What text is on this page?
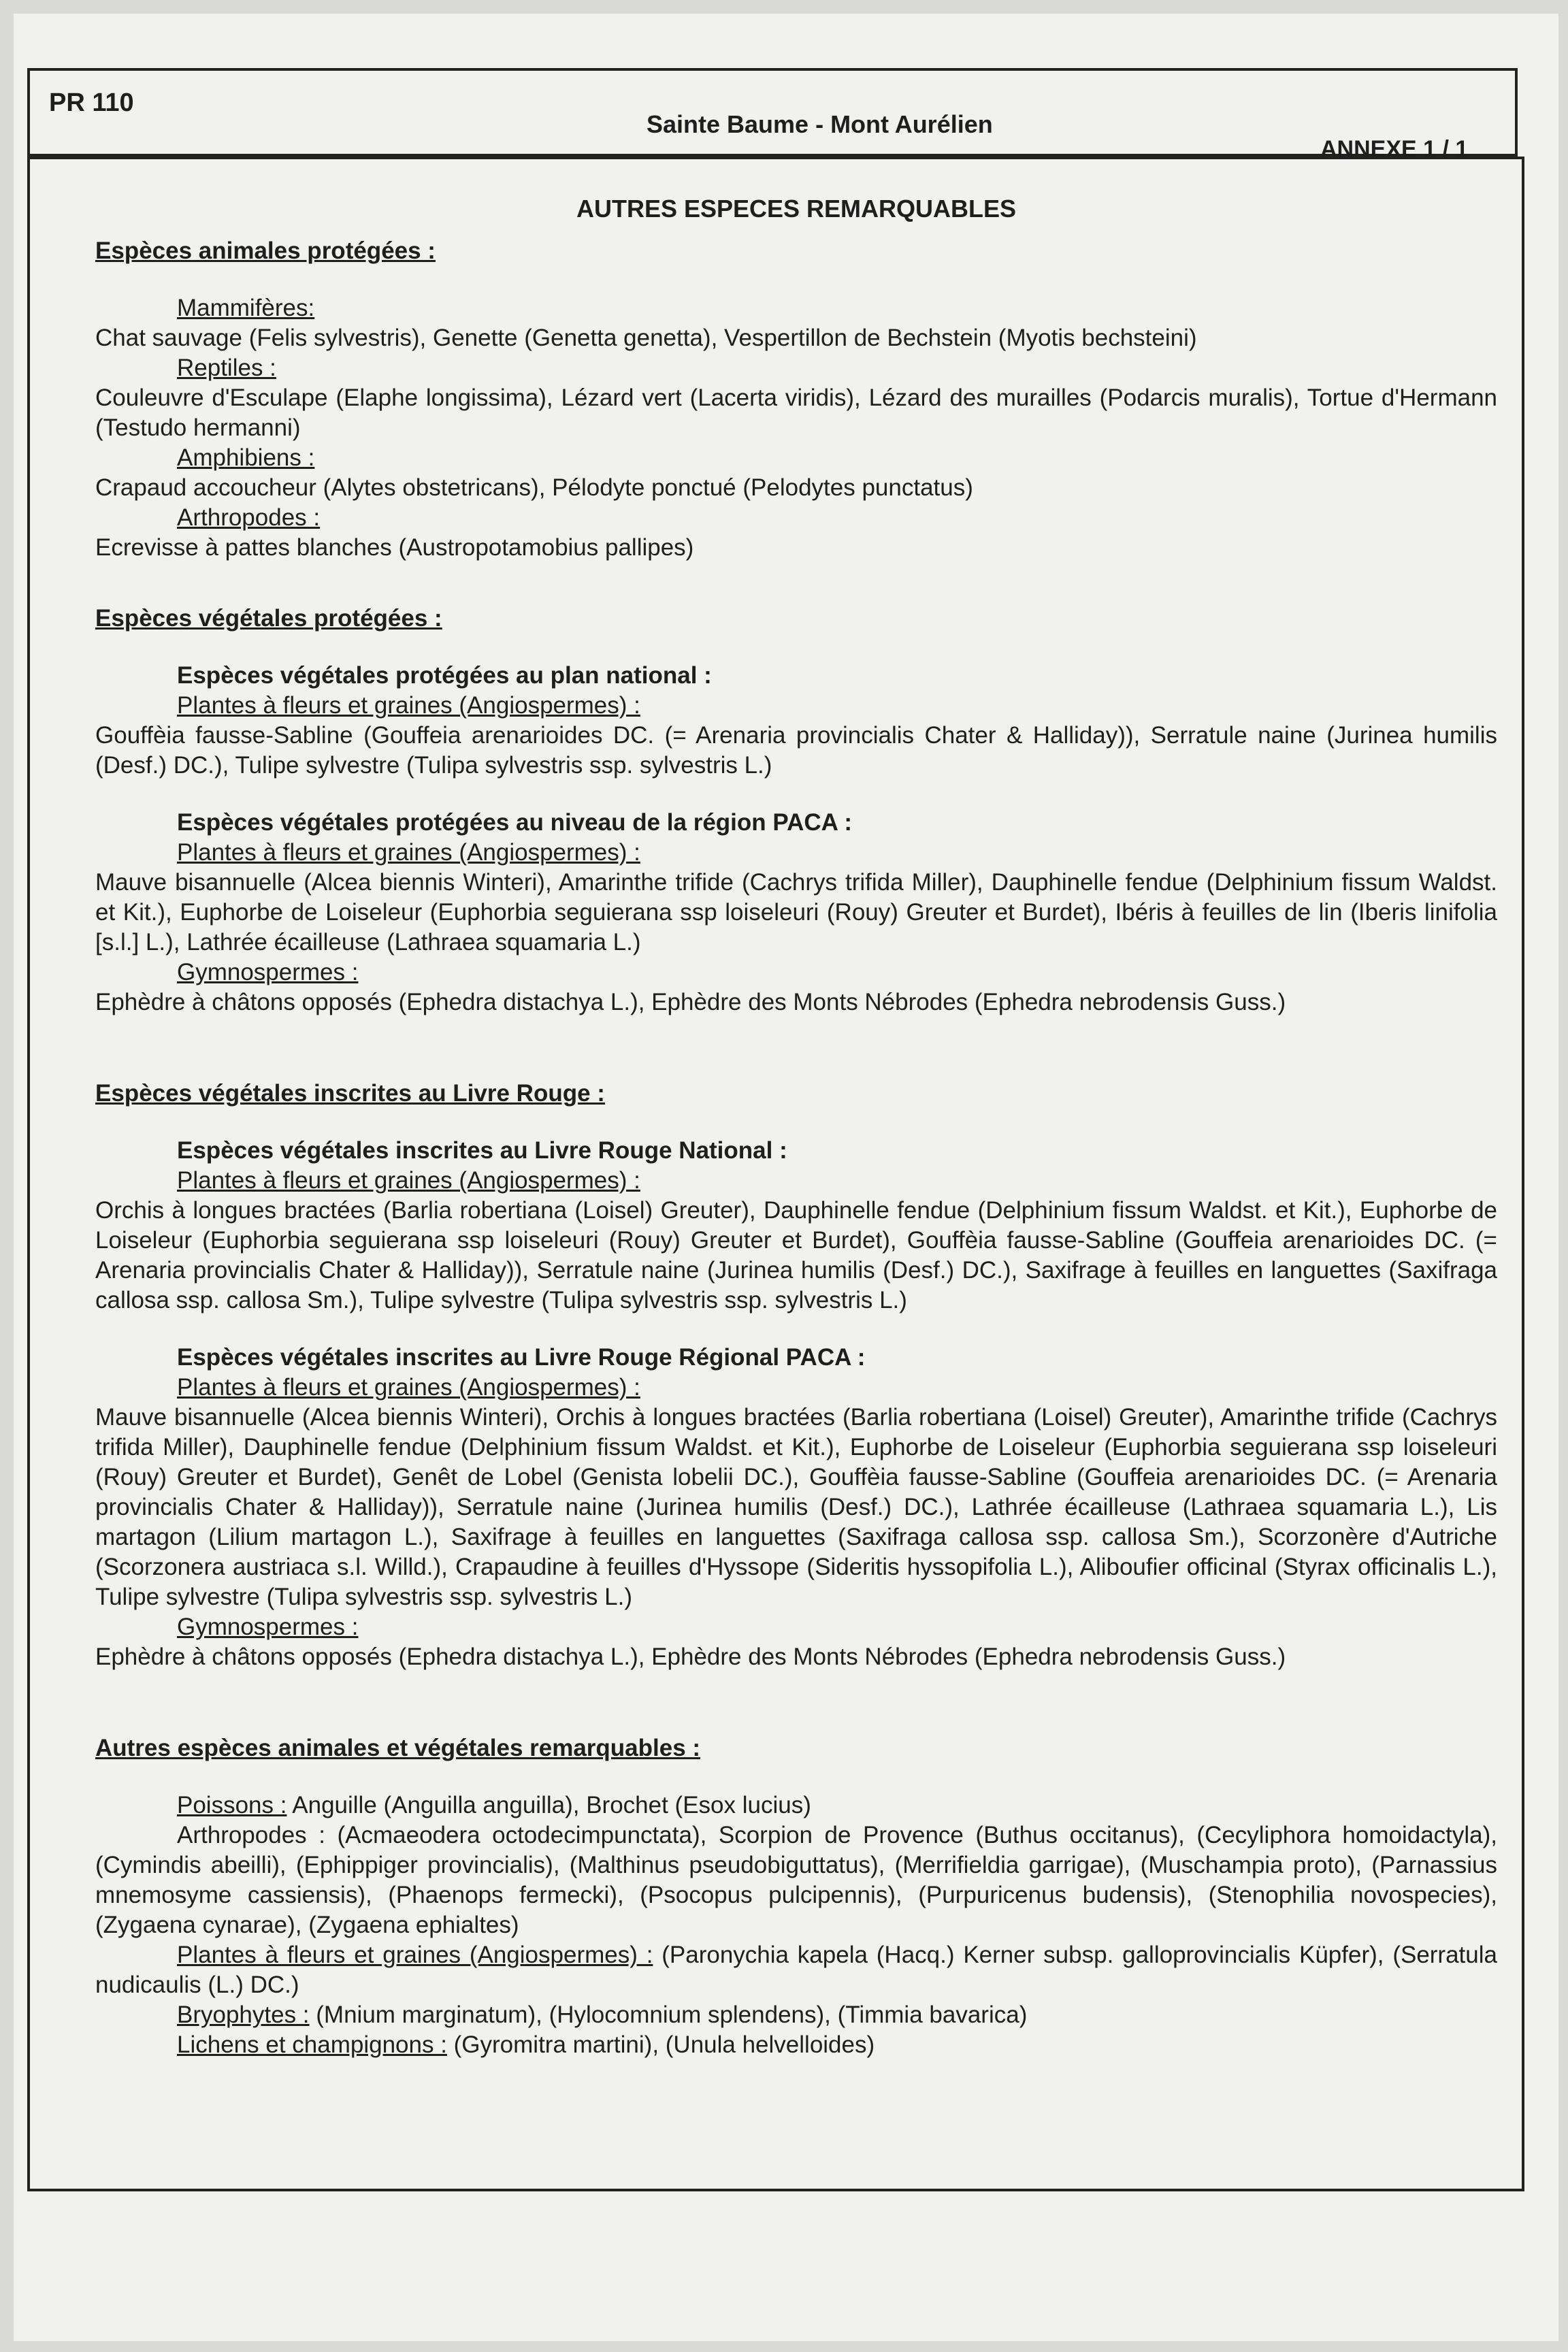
PR 110
Sainte Baume - Mont Aurélien
ANNEXE 1 / 1

AUTRES ESPECES REMARQUABLES

Espèces animales protégées :

Mammifères:

Chat sauvage (Felis sylvestris), Genette (Genetta genetta), Vespertillon de Bechstein (Myotis bechsteini)

Reptiles :

Couleuvre d'Esculape (Elaphe longissima), Lézard vert (Lacerta viridis), Lézard des murailles (Podarcis muralis), Tortue d'Hermann (Testudo hermanni)

Amphibiens :

Crapaud accoucheur (Alytes obstetricans), Pélodyte ponctué (Pelodytes punctatus)

Arthropodes :

Ecrevisse à pattes blanches (Austropotamobius pallipes)

Espèces végétales protégées :

Espèces végétales protégées au plan national :

Plantes à fleurs et graines (Angiospermes) :

Gouffèia fausse-Sabline (Gouffeia arenarioides DC. (= Arenaria provincialis Chater & Halliday)), Serratule naine (Jurinea humilis (Desf.) DC.), Tulipe sylvestre (Tulipa sylvestris ssp. sylvestris L.)

Espèces végétales protégées au niveau de la région PACA :

Plantes à fleurs et graines (Angiospermes) :

Mauve bisannuelle (Alcea biennis Winteri), Amarinthe trifide (Cachrys trifida Miller), Dauphinelle fendue (Delphinium fissum Waldst. et Kit.), Euphorbe de Loiseleur (Euphorbia seguierana ssp loiseleuri (Rouy) Greuter et Burdet), Ibéris à feuilles de lin (Iberis linifolia [s.l.] L.), Lathrée écailleuse (Lathraea squamaria L.)

Gymnospermes :

Ephèdre à châtons opposés (Ephedra distachya L.), Ephèdre des Monts Nébrodes (Ephedra nebrodensis Guss.)

Espèces végétales inscrites au Livre Rouge :

Espèces végétales inscrites au Livre Rouge National :

Plantes à fleurs et graines (Angiospermes) :

Orchis à longues bractées (Barlia robertiana (Loisel) Greuter), Dauphinelle fendue (Delphinium fissum Waldst. et Kit.), Euphorbe de Loiseleur (Euphorbia seguierana ssp loiseleuri (Rouy) Greuter et Burdet), Gouffèia fausse-Sabline (Gouffeia arenarioides DC. (= Arenaria provincialis Chater & Halliday)), Serratule naine (Jurinea humilis (Desf.) DC.), Saxifrage à feuilles en languettes (Saxifraga callosa ssp. callosa Sm.), Tulipe sylvestre (Tulipa sylvestris ssp. sylvestris L.)

Espèces végétales inscrites au Livre Rouge Régional PACA :

Plantes à fleurs et graines (Angiospermes) :

Mauve bisannuelle (Alcea biennis Winteri), Orchis à longues bractées (Barlia robertiana (Loisel) Greuter), Amarinthe trifide (Cachrys trifida Miller), Dauphinelle fendue (Delphinium fissum Waldst. et Kit.), Euphorbe de Loiseleur (Euphorbia seguierana ssp loiseleuri (Rouy) Greuter et Burdet), Genêt de Lobel (Genista lobelii DC.), Gouffèia fausse-Sabline (Gouffeia arenarioides DC. (= Arenaria provincialis Chater & Halliday)), Serratule naine (Jurinea humilis (Desf.) DC.), Lathrée écailleuse (Lathraea squamaria L.), Lis martagon (Lilium martagon L.), Saxifrage à feuilles en languettes (Saxifraga callosa ssp. callosa Sm.), Scorzonère d'Autriche (Scorzonera austriaca s.l. Willd.), Crapaudine à feuilles d'Hyssope (Sideritis hyssopifolia L.), Aliboufier officinal (Styrax officinalis L.), Tulipe sylvestre (Tulipa sylvestris ssp. sylvestris L.)

Gymnospermes :

Ephèdre à châtons opposés (Ephedra distachya L.), Ephèdre des Monts Nébrodes (Ephedra nebrodensis Guss.)

Autres espèces animales et végétales remarquables :

Poissons : Anguille (Anguilla anguilla), Brochet (Esox lucius)

Arthropodes : (Acmaeodera octodecimpunctata), Scorpion de Provence (Buthus occitanus), (Cecyliphora homoidactyla), (Cymindis abeilli), (Ephippiger provincialis), (Malthinus pseudobiguttatus), (Merrifieldia garrigae), (Muschampia proto), (Parnassius mnemosyme cassiensis), (Phaenops fermecki), (Psocopus pulcipennis), (Purpuricenus budensis), (Stenophilia novospecies), (Zygaena cynarae), (Zygaena ephialtes)

Plantes à fleurs et graines (Angiospermes) : (Paronychia kapela (Hacq.) Kerner subsp. galloprovincialis Küpfer), (Serratula nudicaulis (L.) DC.)

Bryophytes : (Mnium marginatum), (Hylocomnium splendens), (Timmia bavarica)

Lichens et champignons : (Gyromitra martini), (Unula helvelloides)
